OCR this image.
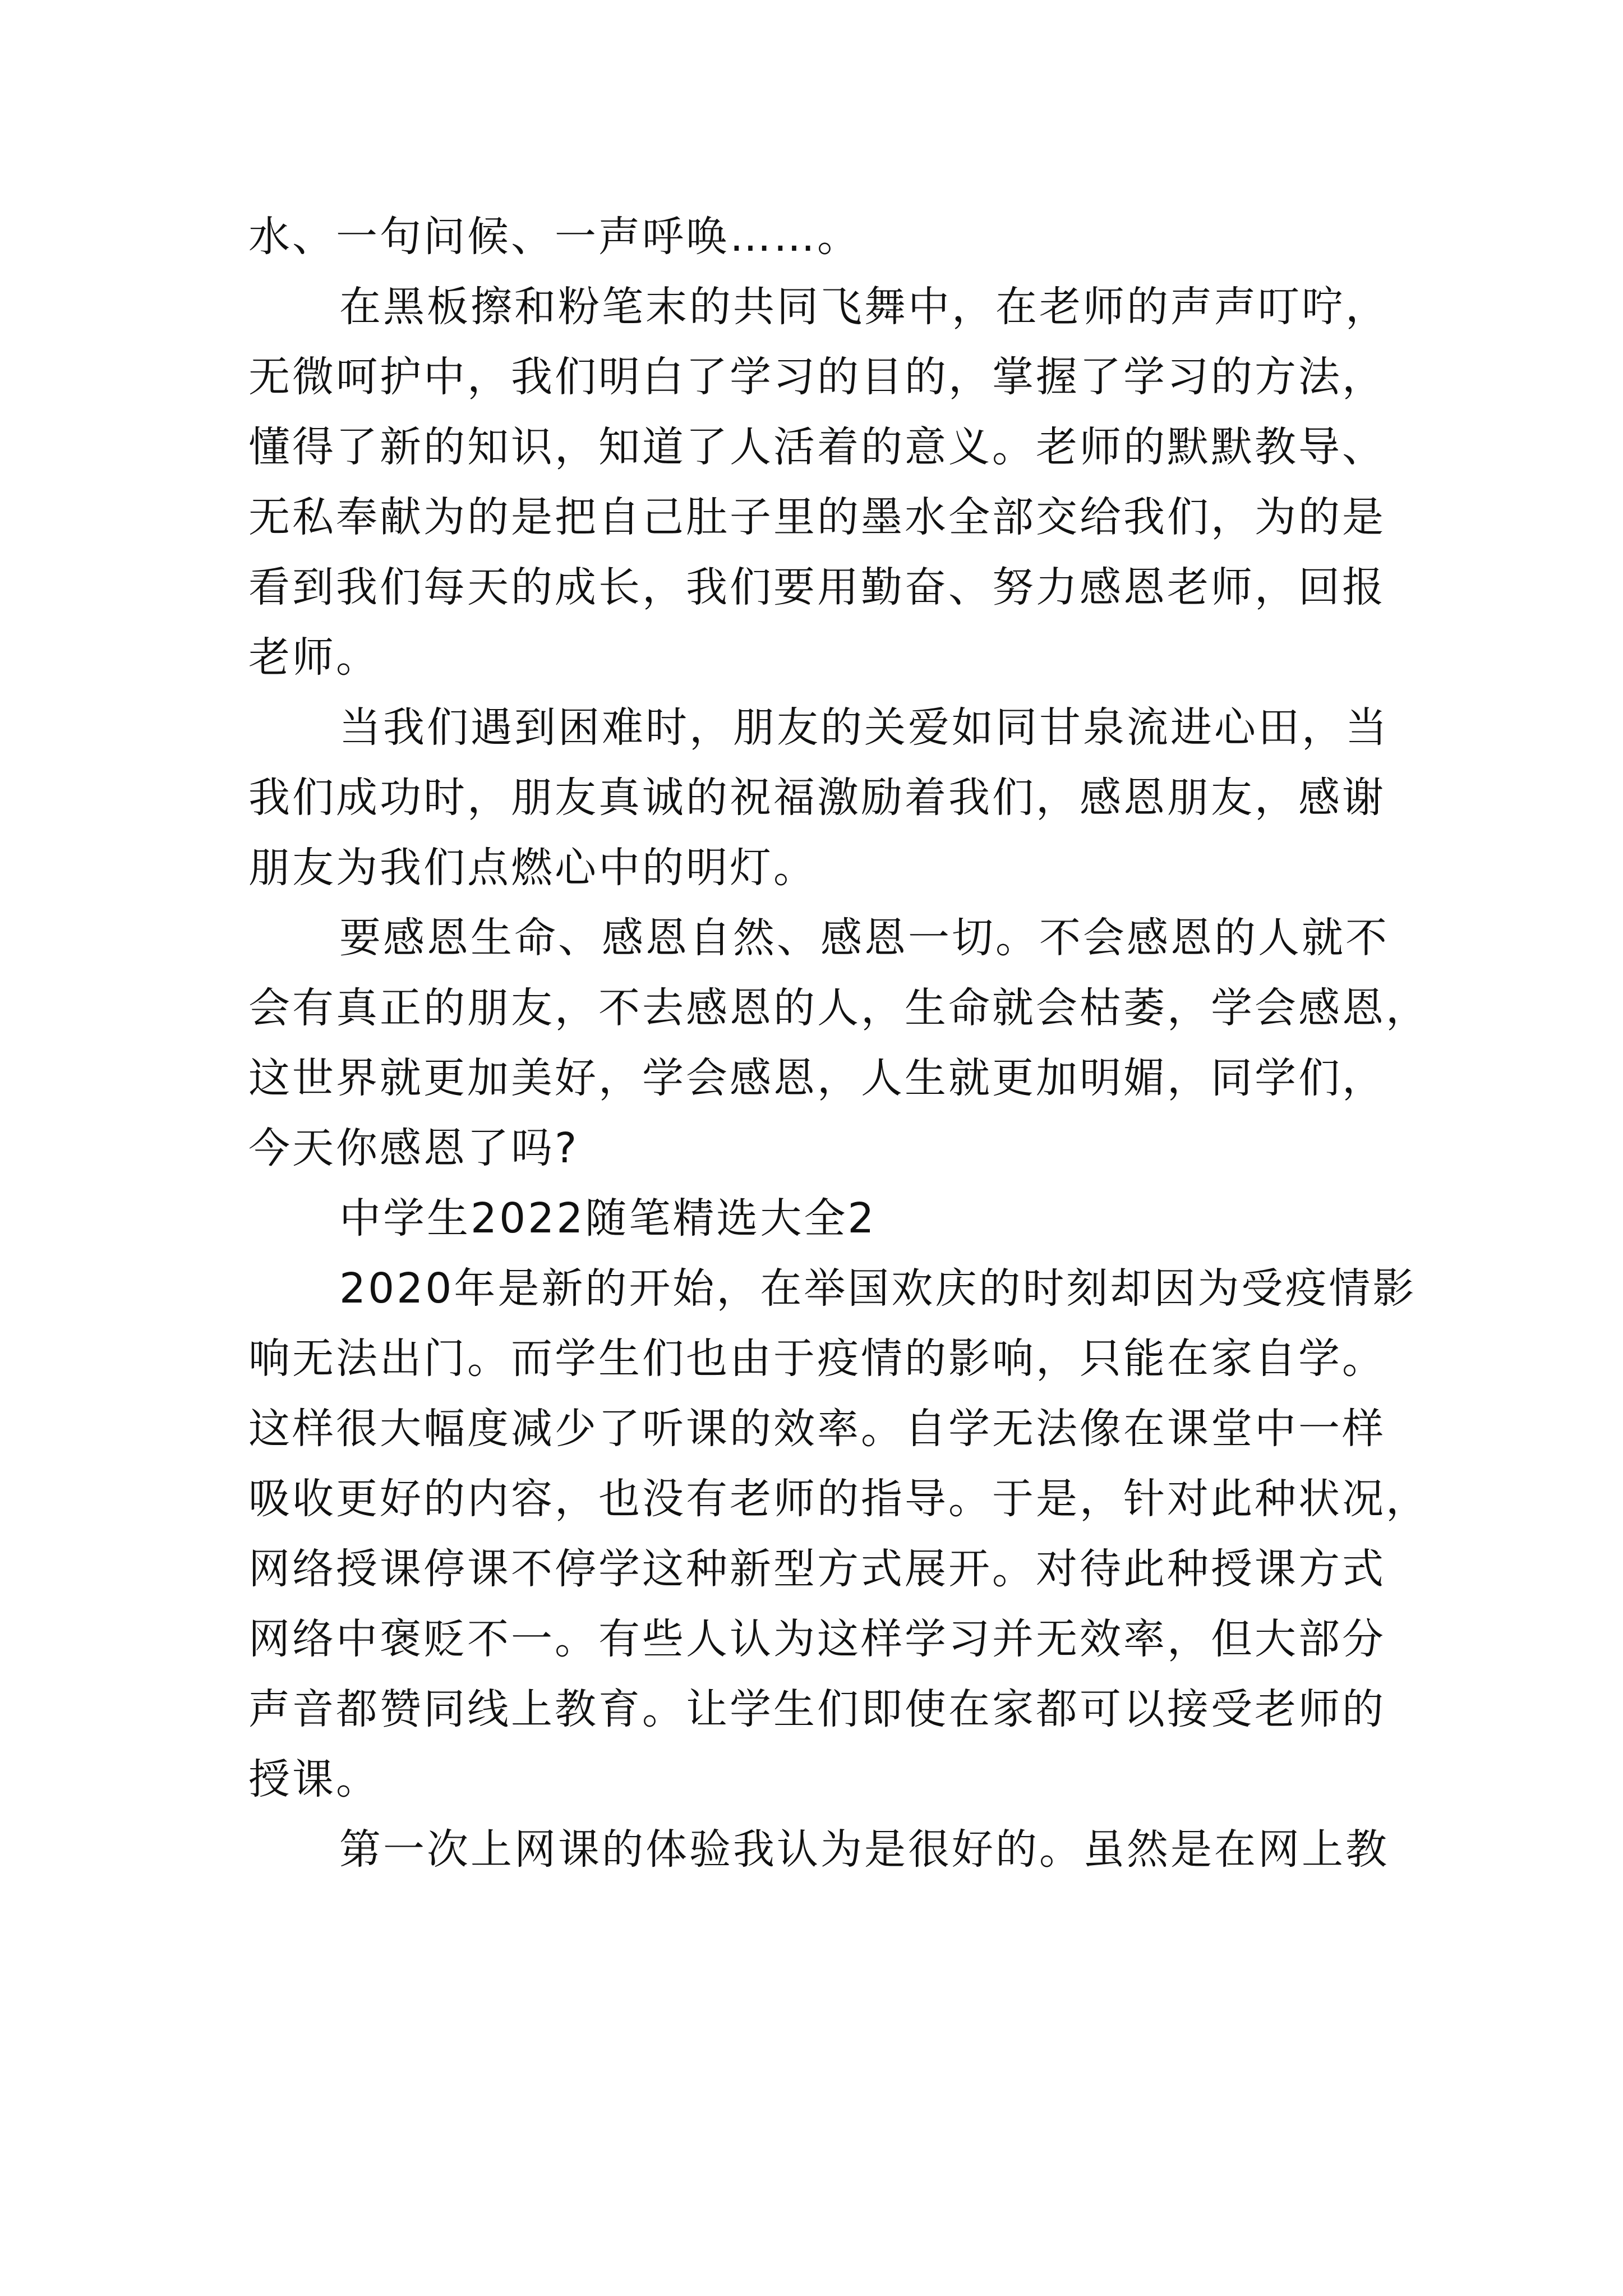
水、一句问候、一声呼唤……。
在黑板擦和粉笔末的共同飞舞中，在老师的声声叮咛，
无微呵护中，我们明白了学习的目的，掌握了学习的方法，
懂得了新的知识，知道了人活着的意义。老师的默默教导、
无私奉献为的是把自己肚子里的墨水全部交给我们，为的是
看到我们每天的成长，我们要用勤奋、努力感恩老师，回报
老师。
当我们遇到困难时，朋友的关爱如同甘泉流进心田，当
我们成功时，朋友真诚的祝福激励着我们，感恩朋友，感谢
朋友为我们点燃心中的明灯。
要感恩生命、感恩自然、感恩一切。不会感恩的人就不
会有真正的朋友，不去感恩的人，生命就会枯萎，学会感恩，
这世界就更加美好，学会感恩，人生就更加明媚，同学们，
今天你感恩了吗?
中学生2022随笔精选大全2
2020年是新的开始，在举国欢庆的时刻却因为受疫情影
响无法出门。而学生们也由于疫情的影响，只能在家自学。
这样很大幅度减少了听课的效率。自学无法像在课堂中一样
吸收更好的内容，也没有老师的指导。于是，针对此种状况，
网络授课停课不停学这种新型方式展开。对待此种授课方式
网络中褒贬不一。有些人认为这样学习并无效率，但大部分
声音都赞同线上教育。让学生们即使在家都可以接受老师的
授课。
第一次上网课的体验我认为是很好的。虽然是在网上教
